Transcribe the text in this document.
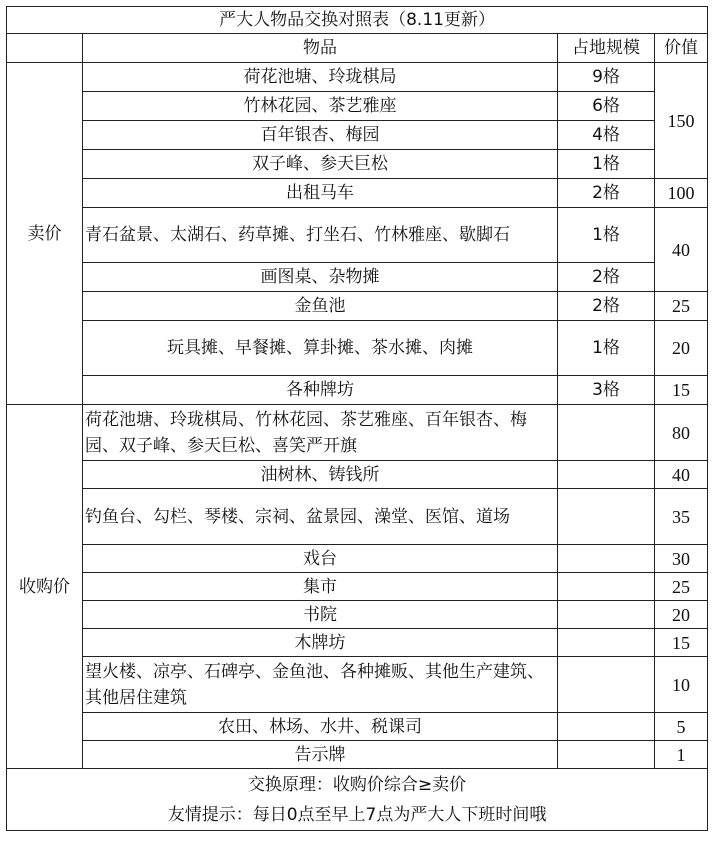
严大人物品交换对照表（8.11更新）			
	物品	占地规模	价值
卖价	荷花池塘、玲珑棋局	9格	150
	竹林花园、茶艺雅座	6格	
	百年银杏、梅园	4格	
	双子峰、参天巨松	1格	
	出租马车	2格	100
	青石盆景、太湖石、药草摊、打坐石、竹林雅座、歇脚石	1格	40
	画图桌、杂物摊	2格	
	金鱼池	2格	25
	玩具摊、早餐摊、算卦摊、茶水摊、肉摊	1格	20
	各种牌坊	3格	15
收购价	荷花池塘、玲珑棋局、竹林花园、茶艺雅座、百年银杏、梅园、双子峰、参天巨松、喜笑严开旗		80
	油树林、铸钱所		40
	钓鱼台、勾栏、琴楼、宗祠、盆景园、澡堂、医馆、道场		35
	戏台		30
	集市		25
	书院		20
	木牌坊		15
	望火楼、凉亭、石碑亭、金鱼池、各种摊贩、其他生产建筑、其他居住建筑		10
	农田、林场、水井、税课司		5
	告示牌		1

交换原理：收购价综合≥卖价
友情提示：每日0点至早上7点为严大人下班时间哦			
